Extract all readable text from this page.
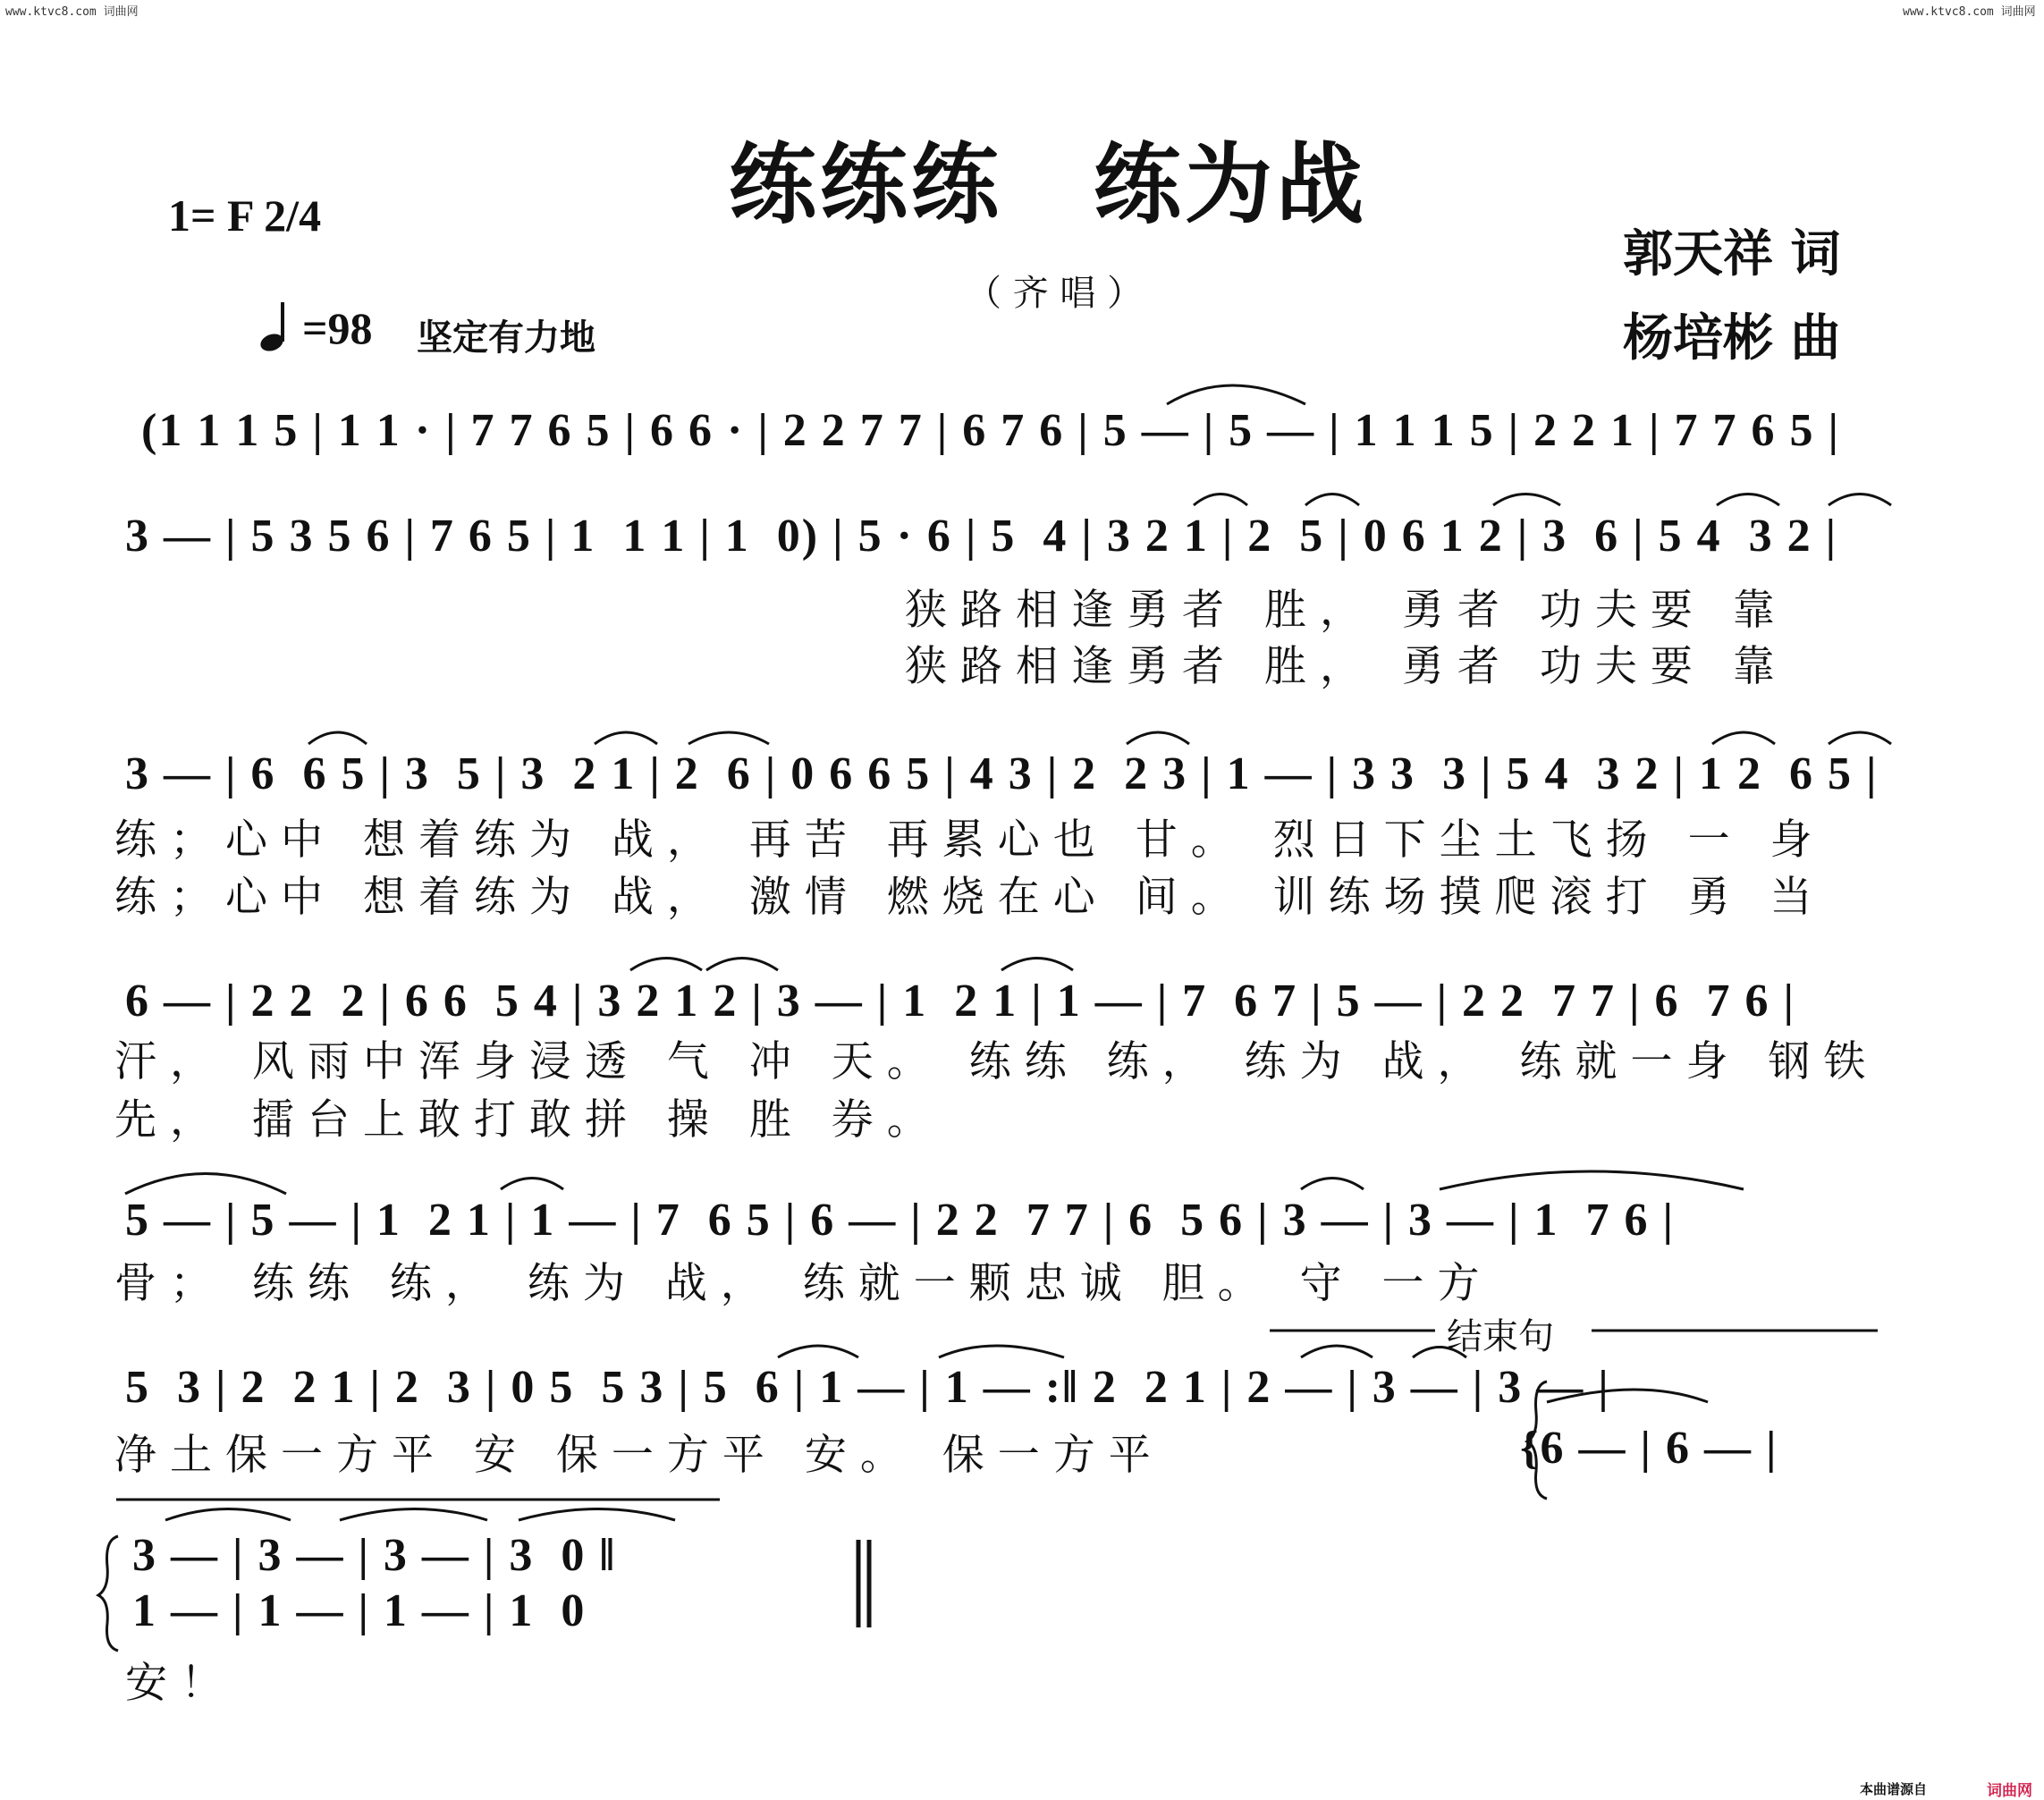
www.ktvc8.com 词曲网	www.ktvc8.com 词曲网
练练练　练为战
1= F 2/4
（ 齐 唱 ）
郭天祥 词
杨培彬 曲
=98 坚定有力地
(1 1 1 5 | 1 1 · | 7 7 6 5 | 6 6 · | 2 2 7 7 | 6 7 6 | 5 — | 5 — | 1 1 1 5 | 2 2 1 | 7 7 6 5 |
3 — | 5 3 5 6 | 7 6 5 | 1  1 1 | 1  0) | 5 · 6 | 5  4 | 3 2 1 | 2  5 | 0 6 1 2 | 3  6 | 5 4  3 2 |
狭路相逢勇者 胜， 勇者 功夫要 靠
狭路相逢勇者 胜， 勇者 功夫要 靠
3 — | 6  6 5 | 3  5 | 3  2 1 | 2  6 | 0 6 6 5 | 4 3 | 2  2 3 | 1 — | 3 3  3 | 5 4  3 2 | 1 2  6 5 |
练；心中 想着练为 战， 再苦 再累心也 甘。 烈日下尘土飞扬 一 身
练；心中 想着练为 战， 激情 燃烧在心 间。 训练场摸爬滚打 勇 当
6 — | 2 2  2 | 6 6  5 4 | 3 2 1 2 | 3 — | 1  2 1 | 1 — | 7  6 7 | 5 — | 2 2  7 7 | 6  7 6 |
汗， 风雨中浑身浸透 气 冲 天。 练练 练， 练为 战， 练就一身 钢铁
先， 擂台上敢打敢拼 操 胜 券。
5 — | 5 — | 1  2 1 | 1 — | 7  6 5 | 6 — | 2 2  7 7 | 6  5 6 | 3 — | 3 — | 1  7 6 |
骨； 练练 练， 练为 战， 练就一颗忠诚 胆。 守 一方
结束句
5  3 | 2  2 1 | 2  3 | 0 5  5 3 | 5  6 | 1 — | 1 — :‖ 2  2 1 | 2 — | 3 — | 3 — |
净土保一方平 安 保一方平 安。 保一方平	{6 — | 6 — |
3 — | 3 — | 3 — | 3  0 ‖
1 — | 1 — | 1 — | 1  0
安！
本曲谱源自	词曲网
